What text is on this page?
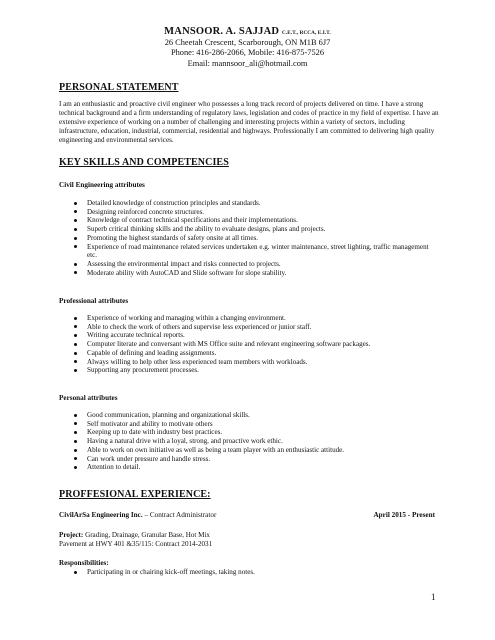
MANSOOR. A. SAJJAD C.E.T., RCCA, E.I.T.
26 Cheetah Crescent, Scarborough, ON M1B 6J7
Phone: 416-286-2066, Mobile: 416-875-7526
Email: mannsoor_ali@hotmail.com
PERSONAL STATEMENT
I am an enthusiastic and proactive civil engineer who possesses a long track record of projects delivered on time. I have a strong technical background and a firm understanding of regulatory laws, legislation and codes of practice in my field of expertise. I have an extensive experience of working on a number of challenging and interesting projects within a variety of sectors, including infrastructure, education, industrial, commercial, residential and highways. Professionally I am committed to delivering high quality engineering and environmental services.
KEY SKILLS AND COMPETENCIES
Civil Engineering attributes
Detailed knowledge of construction principles and standards.
Designing reinforced concrete structures.
Knowledge of contract technical specifications and their implementations.
Superb critical thinking skills and the ability to evaluate designs, plans and projects.
Promoting the highest standards of safety onsite at all times.
Experience of road maintenance related services undertaken e.g. winter maintenance, street lighting, traffic management etc.
Assessing the environmental impact and risks connected to projects.
Moderate ability with AutoCAD and Slide software for slope stability.
Professional attributes
Experience of working and managing within a changing environment.
Able to check the work of others and supervise less experienced or junior staff.
Writing accurate technical reports.
Computer literate and conversant with MS Office suite and relevant engineering software packages.
Capable of defining and leading assignments.
Always willing to help other less experienced team members with workloads.
Supporting any procurement processes.
Personal attributes
Good communication, planning and organizational skills.
Self motivator and ability to motivate others
Keeping up to date with industry best practices.
Having a natural drive with a loyal, strong, and proactive work ethic.
Able to work on own initiative as well as being a team player with an enthusiastic attitude.
Can work under pressure and handle stress.
Attention to detail.
PROFFESIONAL EXPERIENCE:
CivilArSa Engineering Inc. – Contract Administrator	April 2015 - Present
Project: Grading, Drainage, Granular Base, Hot Mix
Pavement at HWY 401 &35/115: Contract 2014-2031
Responsibilities:
Participating in or chairing kick-off meetings, taking notes.
1
